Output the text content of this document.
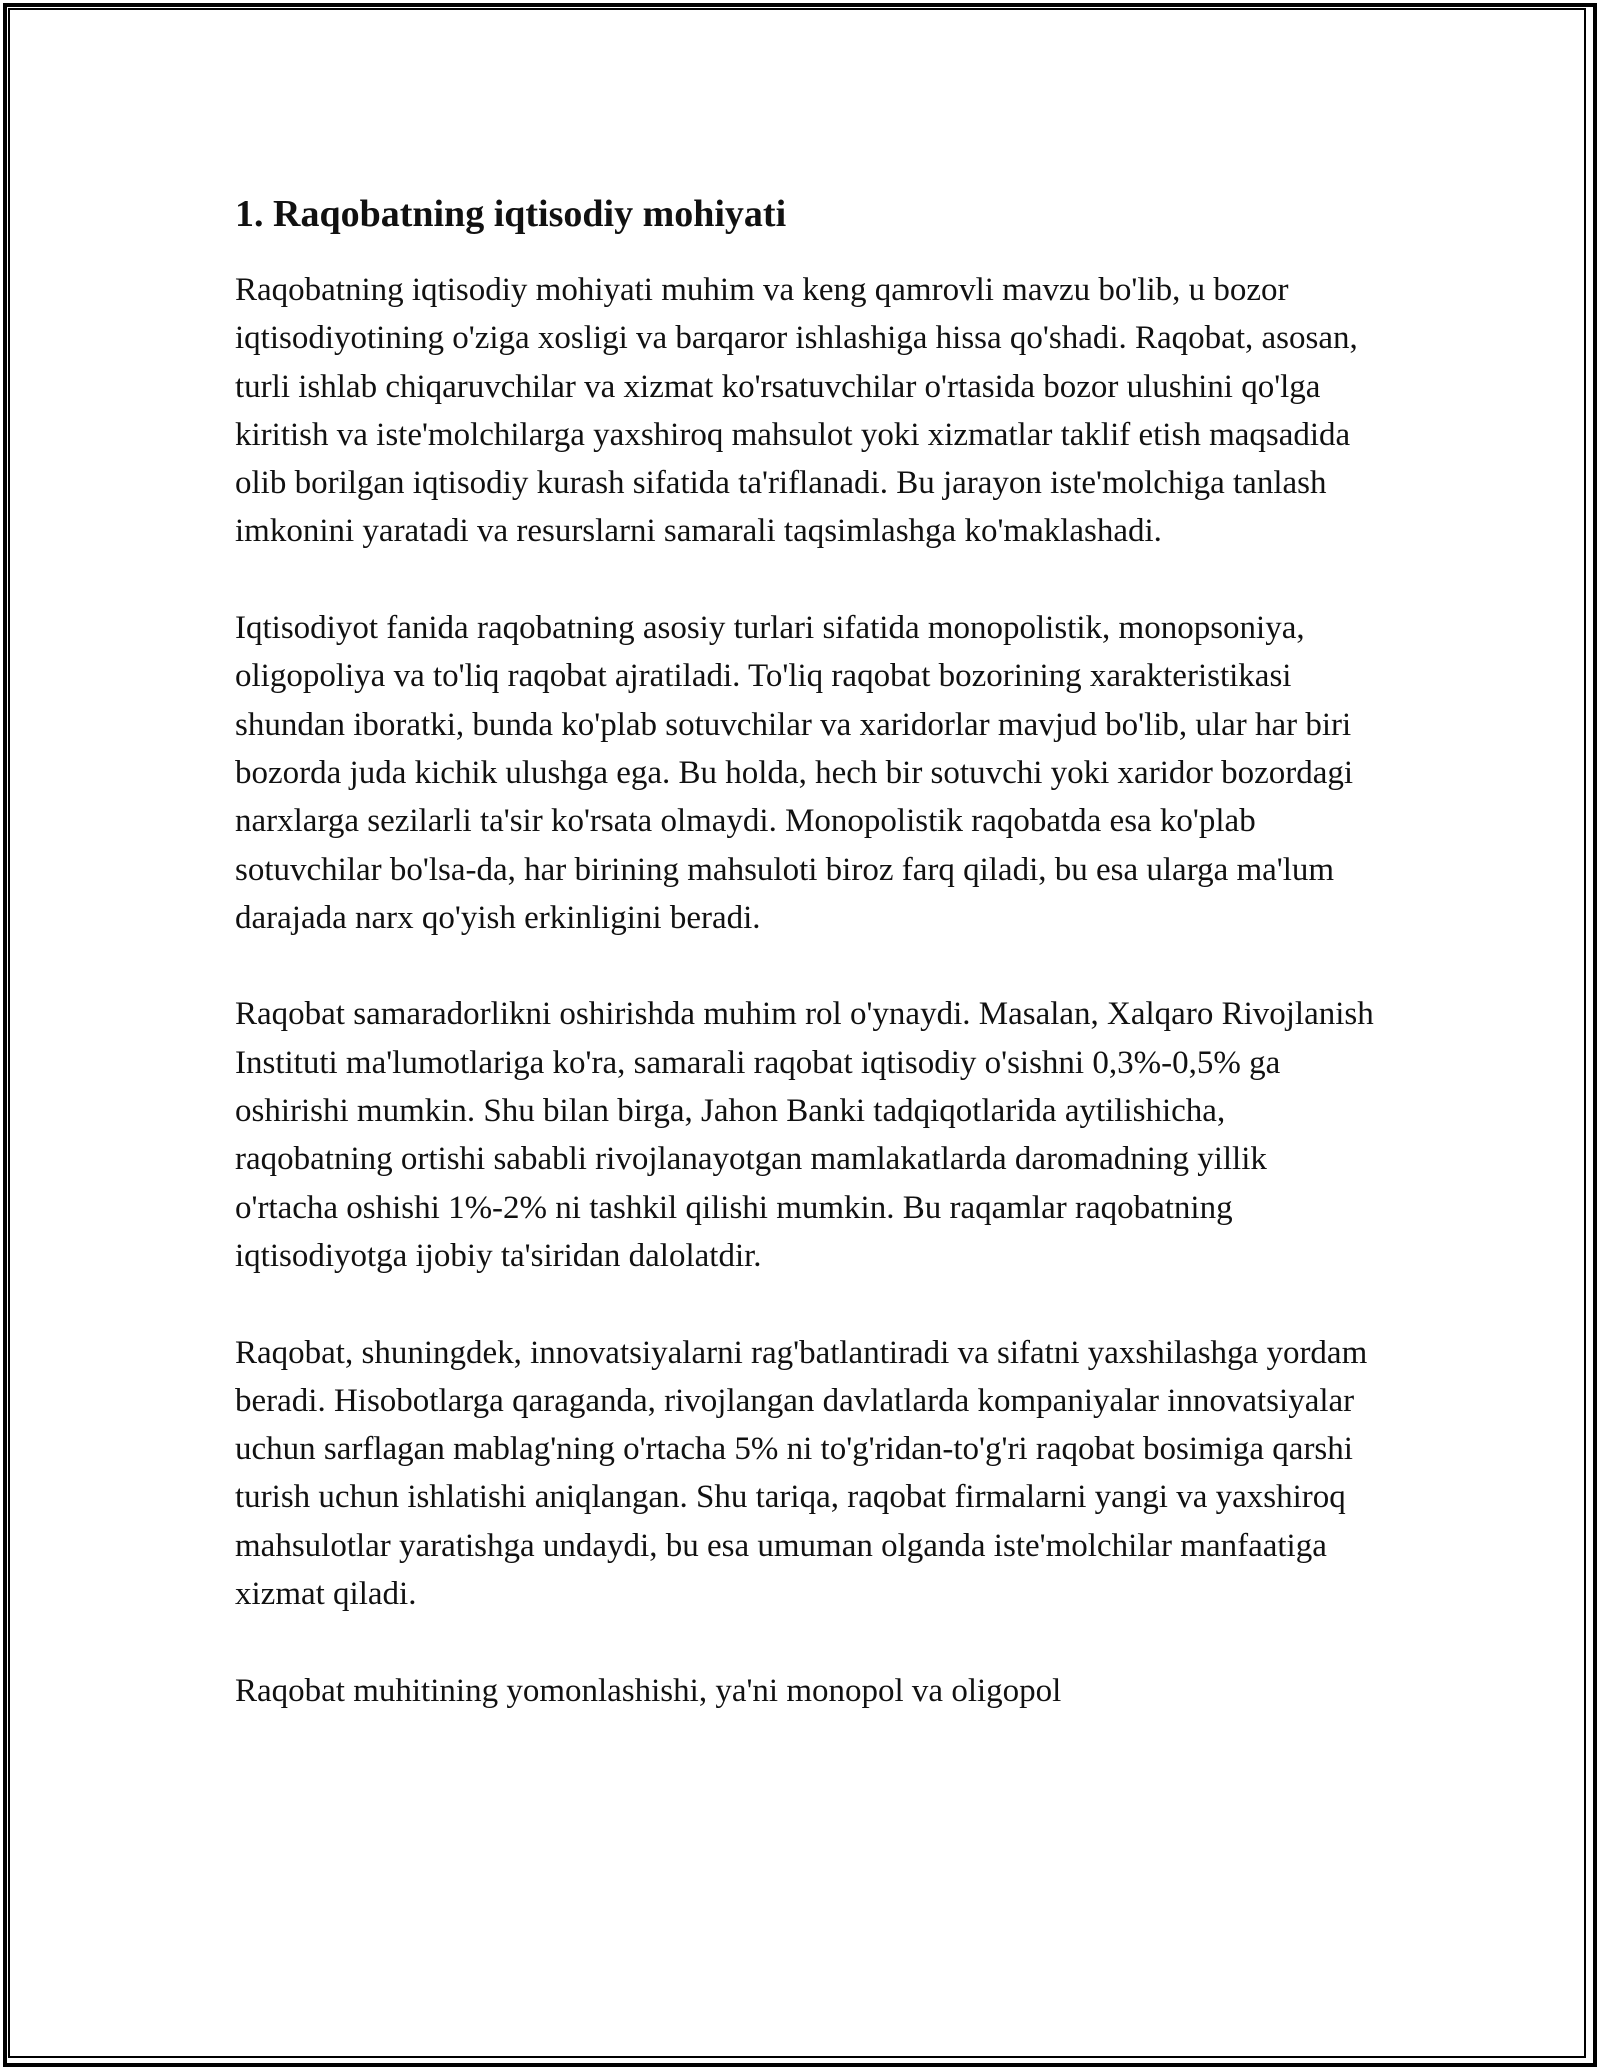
1. Raqobatning iqtisodiy mohiyati

Raqobatning iqtisodiy mohiyati muhim va keng qamrovli mavzu bo'lib, u bozor iqtisodiyotining o'ziga xosligi va barqaror ishlashiga hissa qo'shadi. Raqobat, asosan, turli ishlab chiqaruvchilar va xizmat ko'rsatuvchilar o'rtasida bozor ulushini qo'lga kiritish va iste'molchilarga yaxshiroq mahsulot yoki xizmatlar taklif etish maqsadida olib borilgan iqtisodiy kurash sifatida ta'riflanadi. Bu jarayon iste'molchiga tanlash imkonini yaratadi va resurslarni samarali taqsimlashga ko'maklashadi.

Iqtisodiyot fanida raqobatning asosiy turlari sifatida monopolistik, monopsoniya, oligopoliya va to'liq raqobat ajratiladi. To'liq raqobat bozorining xarakteristikasi shundan iboratki, bunda ko'plab sotuvchilar va xaridorlar mavjud bo'lib, ular har biri bozorda juda kichik ulushga ega. Bu holda, hech bir sotuvchi yoki xaridor bozordagi narxlarga sezilarli ta'sir ko'rsata olmaydi. Monopolistik raqobatda esa ko'plab sotuvchilar bo'lsa-da, har birining mahsuloti biroz farq qiladi, bu esa ularga ma'lum darajada narx qo'yish erkinligini beradi.

Raqobat samaradorlikni oshirishda muhim rol o'ynaydi. Masalan, Xalqaro Rivojlanish Instituti ma'lumotlariga ko'ra, samarali raqobat iqtisodiy o'sishni 0,3%-0,5% ga oshirishi mumkin. Shu bilan birga, Jahon Banki tadqiqotlarida aytilishicha, raqobatning ortishi sababli rivojlanayotgan mamlakatlarda daromadning yillik o'rtacha oshishi 1%-2% ni tashkil qilishi mumkin. Bu raqamlar raqobatning iqtisodiyotga ijobiy ta'siridan dalolatdir.

Raqobat, shuningdek, innovatsiyalarni rag'batlantiradi va sifatni yaxshilashga yordam beradi. Hisobotlarga qaraganda, rivojlangan davlatlarda kompaniyalar innovatsiyalar uchun sarflagan mablag'ning o'rtacha 5% ni to'g'ridan-to'g'ri raqobat bosimiga qarshi turish uchun ishlatishi aniqlangan. Shu tariqa, raqobat firmalarni yangi va yaxshiroq mahsulotlar yaratishga undaydi, bu esa umuman olganda iste'molchilar manfaatiga xizmat qiladi.

Raqobat muhitining yomonlashishi, ya'ni monopol va oligopol
